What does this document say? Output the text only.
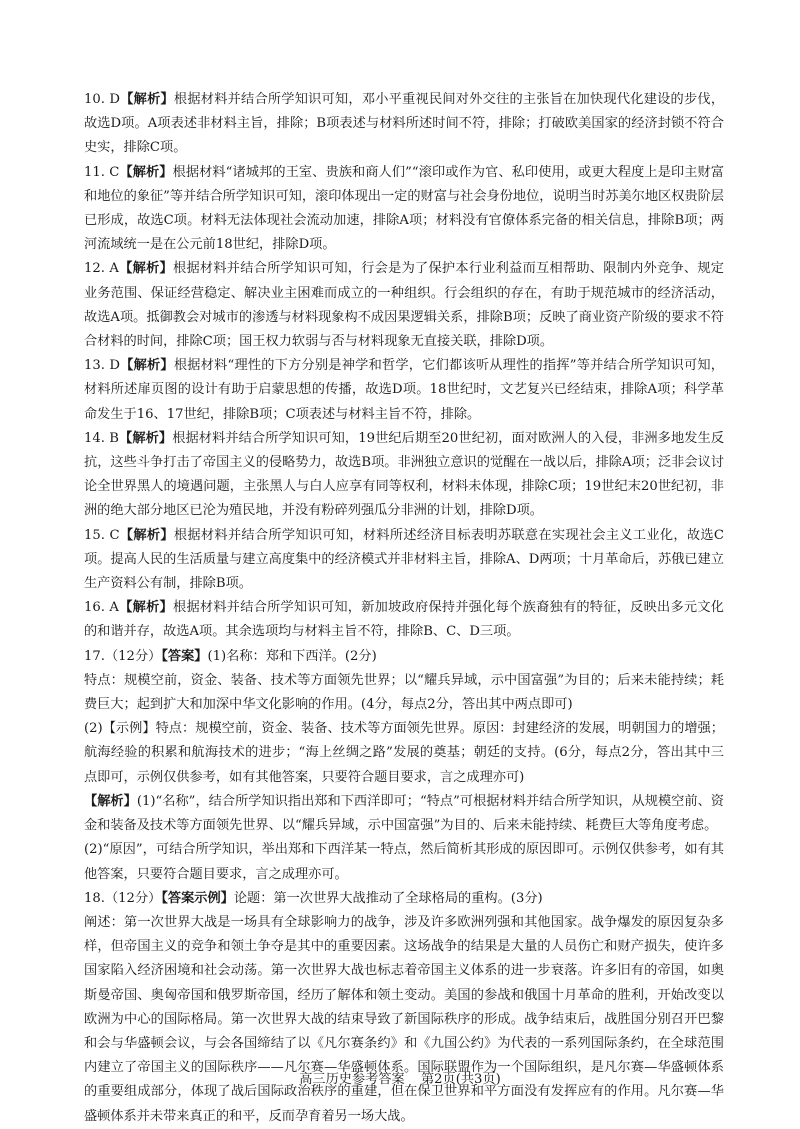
10. D【解析】根据材料并结合所学知识可知，邓小平重视民间对外交往的主张旨在加快现代化建设的步伐，故选D项。A项表述非材料主旨，排除；B项表述与材料所述时间不符，排除；打破欧美国家的经济封锁不符合史实，排除C项。

11. C【解析】根据材料“诸城邦的王室、贵族和商人们”“滚印或作为官、私印使用，或更大程度上是印主财富和地位的象征”等并结合所学知识可知，滚印体现出一定的财富与社会身份地位，说明当时苏美尔地区权贵阶层已形成，故选C项。材料无法体现社会流动加速，排除A项；材料没有官僚体系完备的相关信息，排除B项；两河流域统一是在公元前18世纪，排除D项。

12. A【解析】根据材料并结合所学知识可知，行会是为了保护本行业利益而互相帮助、限制内外竞争、规定业务范围、保证经营稳定、解决业主困难而成立的一种组织。行会组织的存在，有助于规范城市的经济活动，故选A项。抵御教会对城市的渗透与材料现象构不成因果逻辑关系，排除B项；反映了商业资产阶级的要求不符合材料的时间，排除C项；国王权力软弱与否与材料现象无直接关联，排除D项。

13. D【解析】根据材料“理性的下方分别是神学和哲学，它们都该听从理性的指挥”等并结合所学知识可知，材料所述扉页图的设计有助于启蒙思想的传播，故选D项。18世纪时，文艺复兴已经结束，排除A项；科学革命发生于16、17世纪，排除B项；C项表述与材料主旨不符，排除。

14. B【解析】根据材料并结合所学知识可知，19世纪后期至20世纪初，面对欧洲人的入侵，非洲多地发生反抗，这些斗争打击了帝国主义的侵略势力，故选B项。非洲独立意识的觉醒在一战以后，排除A项；泛非会议讨论全世界黑人的境遇问题，主张黑人与白人应享有同等权利，材料未体现，排除C项；19世纪末20世纪初，非洲的绝大部分地区已沦为殖民地，并没有粉碎列强瓜分非洲的计划，排除D项。

15. C【解析】根据材料并结合所学知识可知，材料所述经济目标表明苏联意在实现社会主义工业化，故选C项。提高人民的生活质量与建立高度集中的经济模式并非材料主旨，排除A、D两项；十月革命后，苏俄已建立生产资料公有制，排除B项。

16. A【解析】根据材料并结合所学知识可知，新加坡政府保持并强化每个族裔独有的特征，反映出多元文化的和谐并存，故选A项。其余选项均与材料主旨不符，排除B、C、D三项。

17.（12分）【答案】(1)名称：郑和下西洋。(2分)

特点：规模空前，资金、装备、技术等方面领先世界；以“耀兵异域，示中国富强”为目的；后来未能持续；耗费巨大；起到扩大和加深中华文化影响的作用。(4分，每点2分，答出其中两点即可)

(2)【示例】特点：规模空前，资金、装备、技术等方面领先世界。原因：封建经济的发展，明朝国力的增强；航海经验的积累和航海技术的进步；“海上丝绸之路”发展的奠基；朝廷的支持。(6分，每点2分，答出其中三点即可，示例仅供参考，如有其他答案，只要符合题目要求，言之成理亦可)

【解析】(1)“名称”，结合所学知识指出郑和下西洋即可；“特点”可根据材料并结合所学知识，从规模空前、资金和装备及技术等方面领先世界、以“耀兵异域，示中国富强”为目的、后来未能持续、耗费巨大等角度考虑。

(2)“原因”，可结合所学知识，举出郑和下西洋某一特点，然后简析其形成的原因即可。示例仅供参考，如有其他答案，只要符合题目要求，言之成理亦可。

18.（12分）【答案示例】论题：第一次世界大战推动了全球格局的重构。(3分)

阐述：第一次世界大战是一场具有全球影响力的战争，涉及许多欧洲列强和其他国家。战争爆发的原因复杂多样，但帝国主义的竞争和领土争夺是其中的重要因素。这场战争的结果是大量的人员伤亡和财产损失，使许多国家陷入经济困境和社会动荡。第一次世界大战也标志着帝国主义体系的进一步衰落。许多旧有的帝国，如奥斯曼帝国、奥匈帝国和俄罗斯帝国，经历了解体和领土变动。美国的参战和俄国十月革命的胜利，开始改变以欧洲为中心的国际格局。第一次世界大战的结束导致了新国际秩序的形成。战争结束后，战胜国分别召开巴黎和会与华盛顿会议，与会各国缔结了以《凡尔赛条约》和《九国公约》为代表的一系列国际条约，在全球范围内建立了帝国主义的国际秩序——凡尔赛—华盛顿体系。国际联盟作为一个国际组织，是凡尔赛—华盛顿体系的重要组成部分，体现了战后国际政治秩序的重建，但在保卫世界和平方面没有发挥应有的作用。凡尔赛—华盛顿体系并未带来真正的和平，反而孕育着另一场大战。

高三历史参考答案 第2页(共3页)
